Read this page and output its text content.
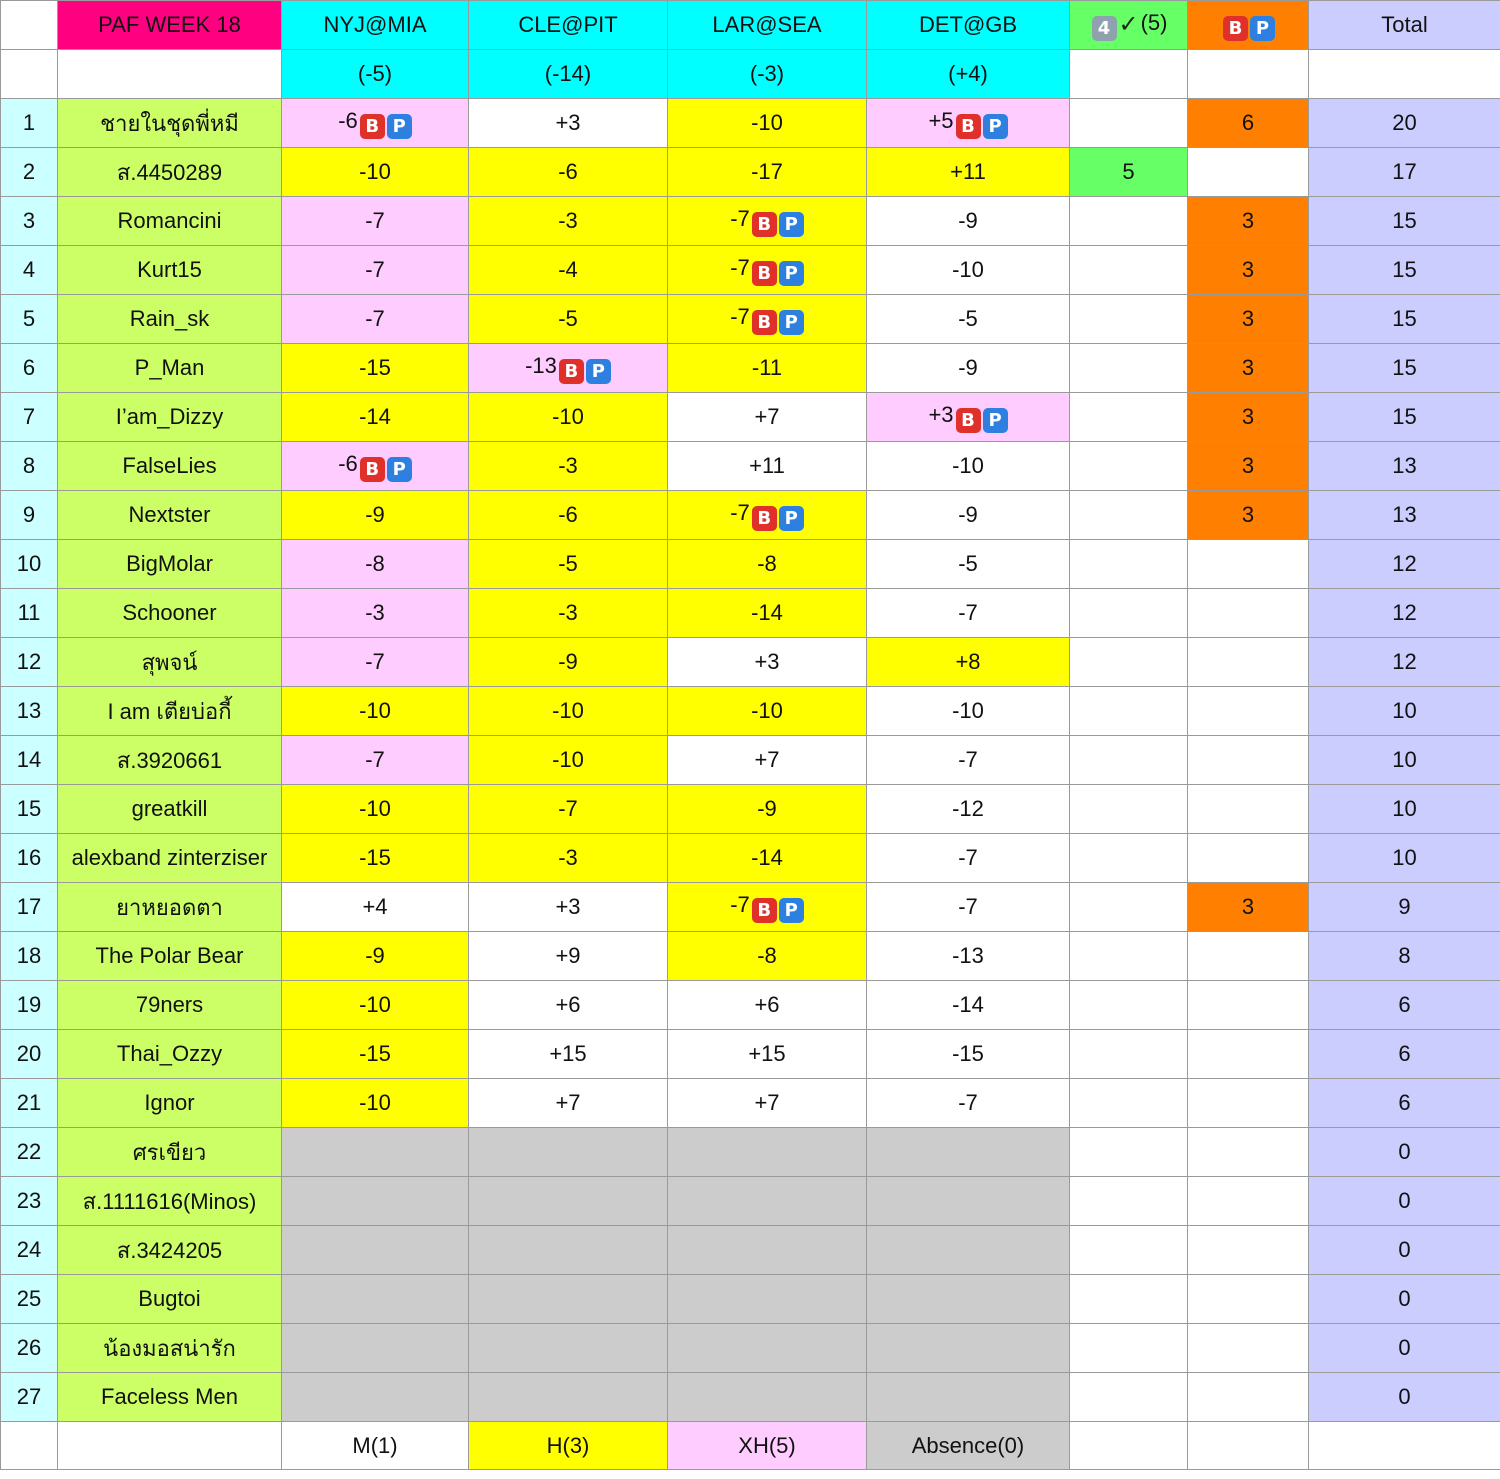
	PAF WEEK 18	NYJ@MIA	CLE@PIT	LAR@SEA	DET@GB	4 ✓(5)	B P	Total
		(-5)	(-14)	(-3)	(+4)			
1	ชายในชุดพี่หมี	-6 B P	+3	-10	+5 B P		6	20
2	ส.4450289	-10	-6	-17	+11	5		17
3	Romancini	-7	-3	-7 B P	-9		3	15
4	Kurt15	-7	-4	-7 B P	-10		3	15
5	Rain_sk	-7	-5	-7 B P	-5		3	15
6	P_Man	-15	-13 B P	-11	-9		3	15
7	I’am_Dizzy	-14	-10	+7	+3 B P		3	15
8	FalseLies	-6 B P	-3	+11	-10		3	13
9	Nextster	-9	-6	-7 B P	-9		3	13
10	BigMolar	-8	-5	-8	-5			12
11	Schooner	-3	-3	-14	-7			12
12	สุพจน์	-7	-9	+3	+8			12
13	I am เตียบ่อกี้	-10	-10	-10	-10			10
14	ส.3920661	-7	-10	+7	-7			10
15	greatkill	-10	-7	-9	-12			10
16	alexband zinterziser	-15	-3	-14	-7			10
17	ยาหยอดตา	+4	+3	-7 B P	-7		3	9
18	The Polar Bear	-9	+9	-8	-13			8
19	79ners	-10	+6	+6	-14			6
20	Thai_Ozzy	-15	+15	+15	-15			6
21	Ignor	-10	+7	+7	-7			6
22	ศรเขียว							0
23	ส.1111616(Minos)							0
24	ส.3424205							0
25	Bugtoi							0
26	น้องมอสน่ารัก							0
27	Faceless Men							0
		M(1)	H(3)	XH(5)	Absence(0)			
